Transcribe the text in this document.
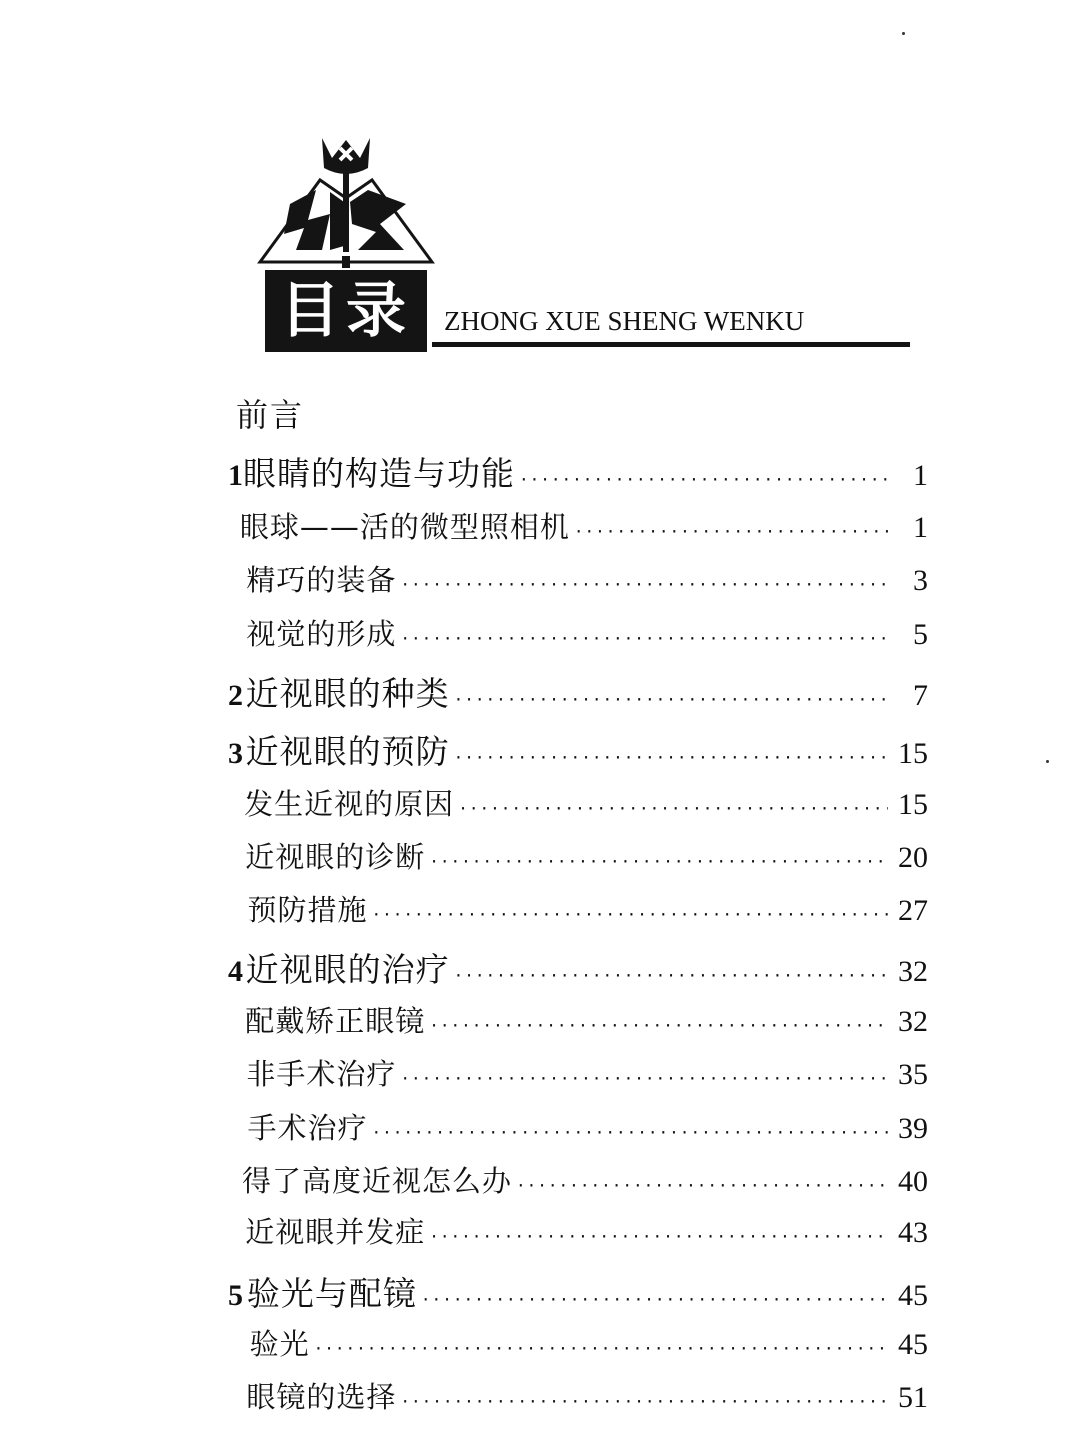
目录	ZHONG XUE SHENG WENKU
前言
1 眼睛的构造与功能 ·····	1
眼球——活的微型照相机 ·····	1
精巧的装备 ·····	3
视觉的形成 ·····	5
2 近视眼的种类 ·····	7
3 近视眼的预防 ·····	15
发生近视的原因 ·····	15
近视眼的诊断 ·····	20
预防措施 ·····	27
4 近视眼的治疗 ·····	32
配戴矫正眼镜 ·····	32
非手术治疗 ·····	35
手术治疗 ·····	39
得了高度近视怎么办 ·····	40
近视眼并发症 ·····	43
5 验光与配镜 ·····	45
验光 ·····	45
眼镜的选择 ·····	51
